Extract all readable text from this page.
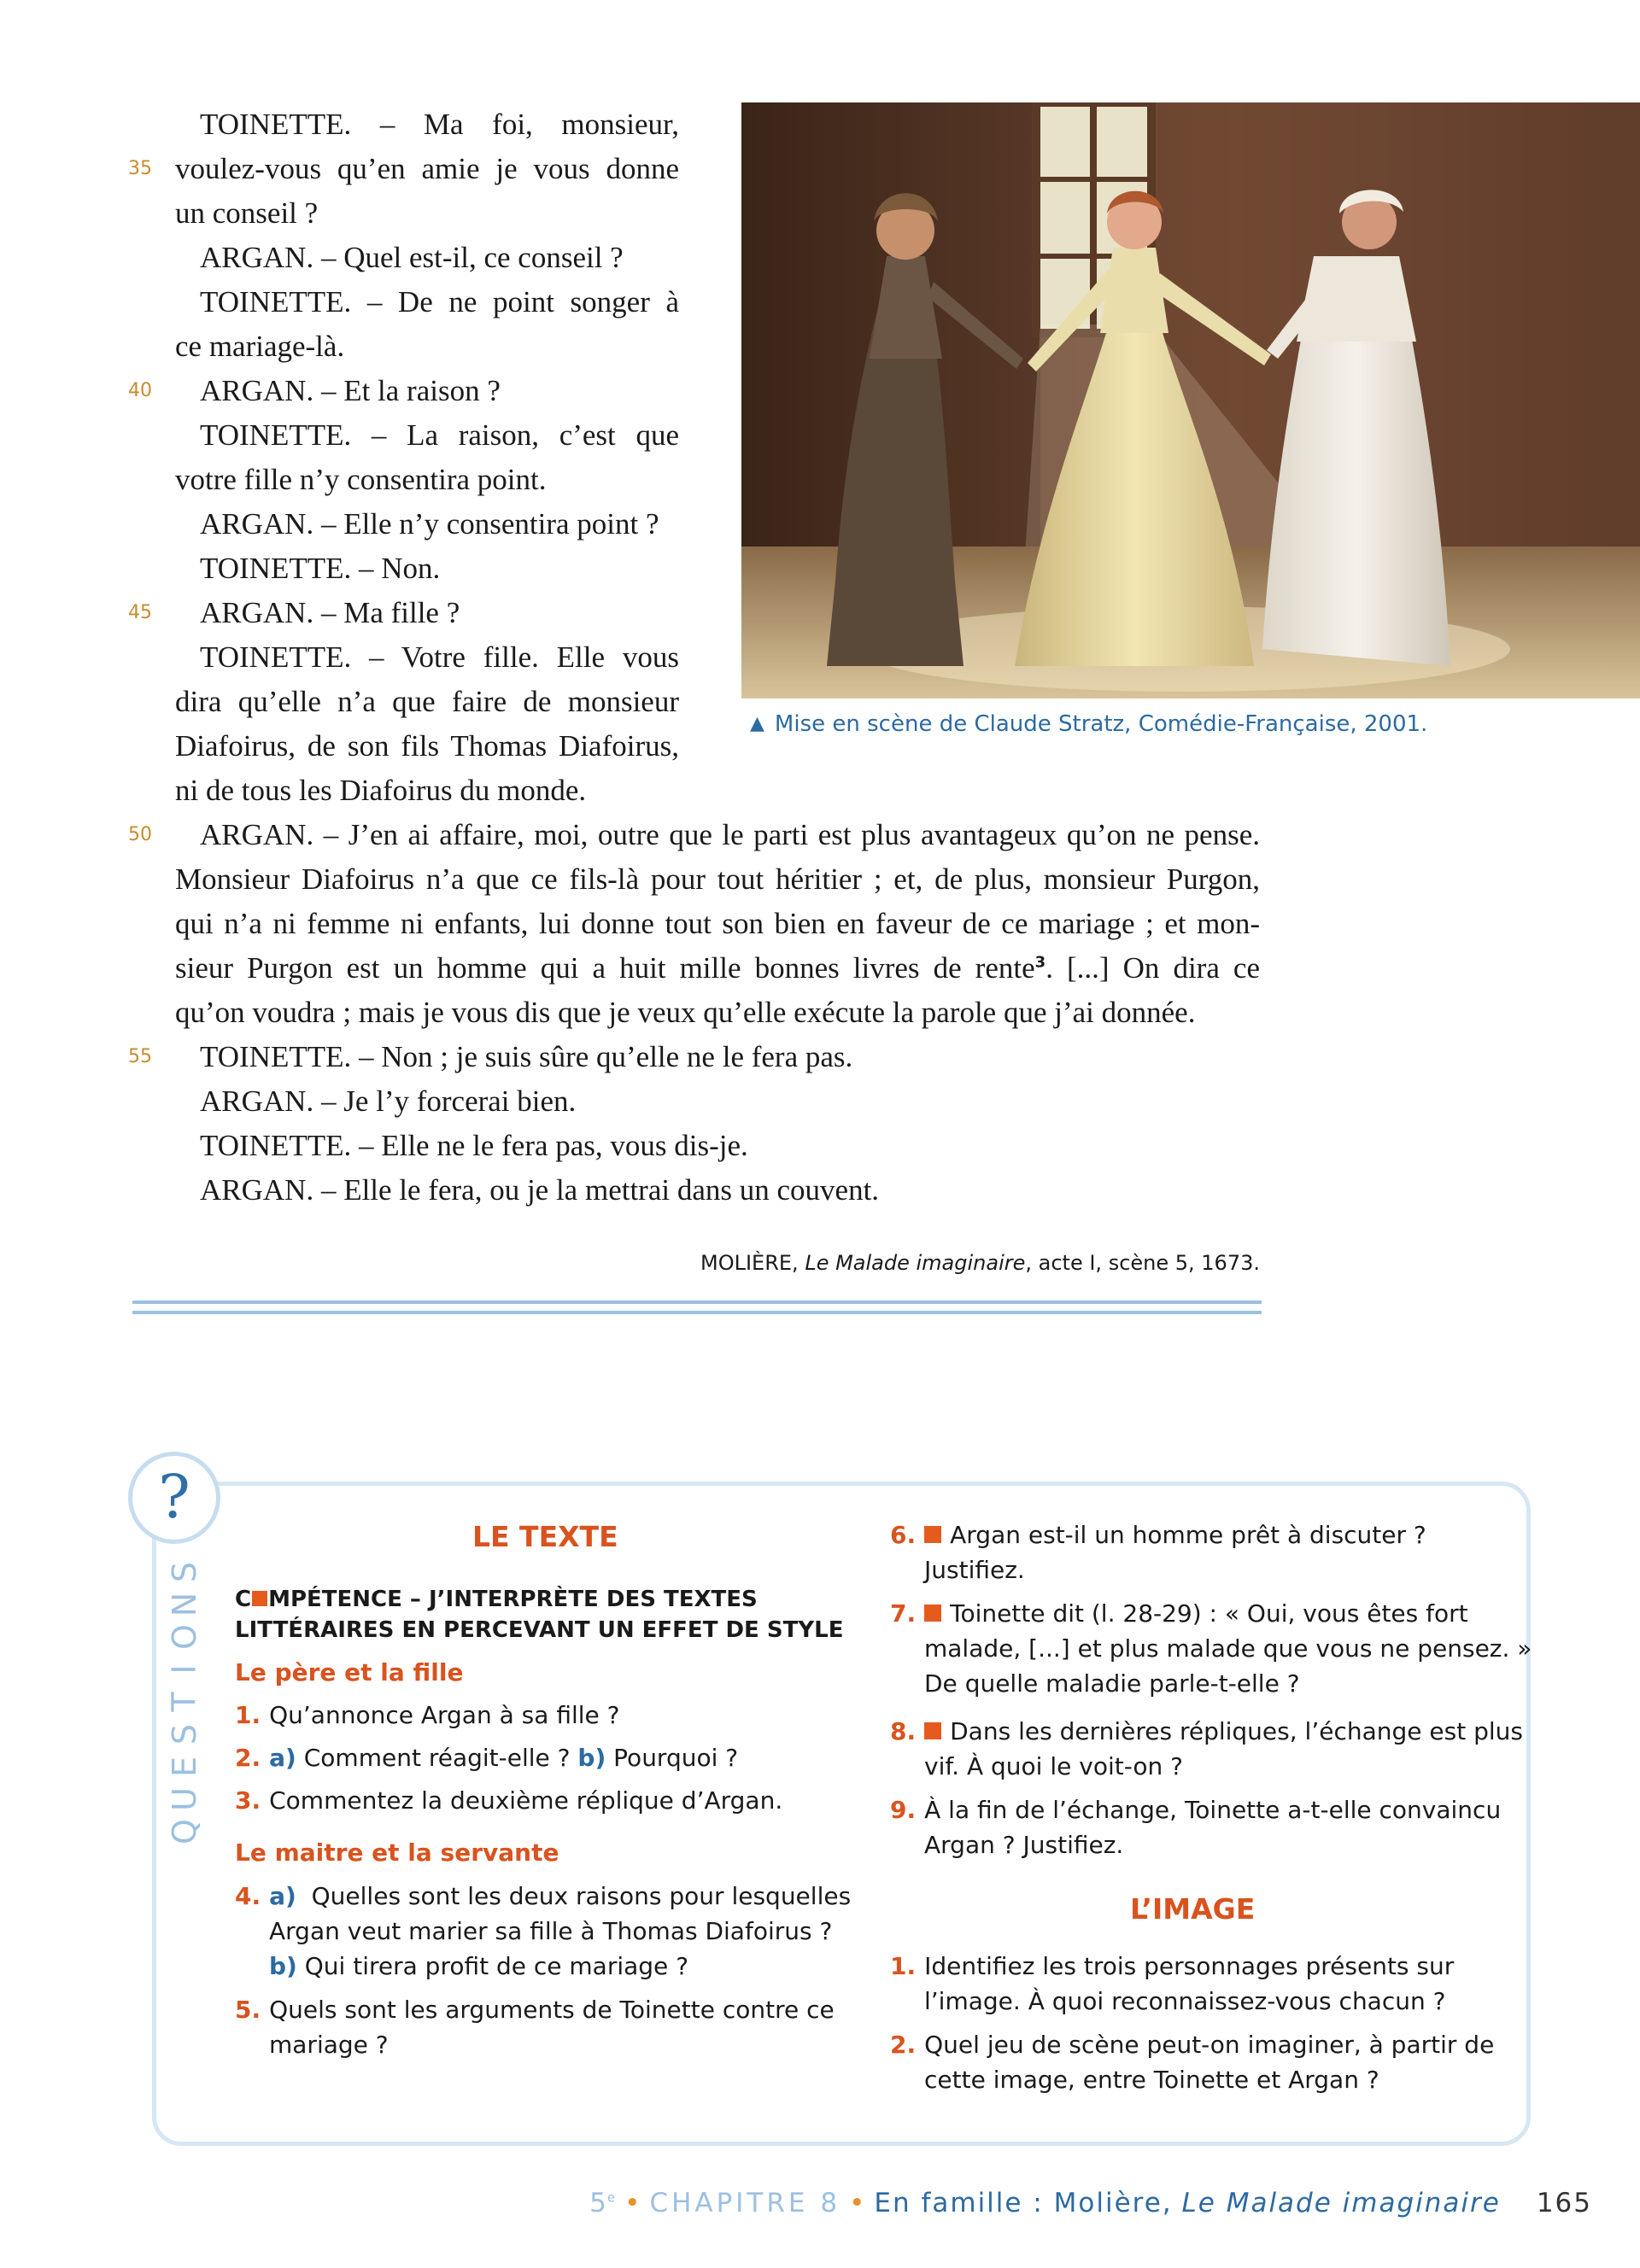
TOINETTE. – Ma foi, monsieur,
35 voulez-vous qu’en amie je vous donne
un conseil ?
ARGAN. – Quel est-il, ce conseil ?
TOINETTE. – De ne point songer à
ce mariage-là.
40	ARGAN. – Et la raison ?
TOINETTE. – La raison, c’est que
votre fille n’y consentira point.
ARGAN. – Elle n’y consentira point ?
TOINETTE. – Non.
45	ARGAN. – Ma fille ?
TOINETTE. – Votre fille. Elle vous
dira qu’elle n’a que faire de monsieur
Diafoirus, de son fils Thomas Diafoirus,
ni de tous les Diafoirus du monde.
50	ARGAN. – J’en ai affaire, moi, outre que le parti est plus avantageux qu’on ne pense.
Monsieur Diafoirus n’a que ce fils-là pour tout héritier ; et, de plus, monsieur Purgon,
qui n’a ni femme ni enfants, lui donne tout son bien en faveur de ce mariage ; et mon-
sieur Purgon est un homme qui a huit mille bonnes livres de rente$^3$. [...] On dira ce
qu’on voudra ; mais je vous dis que je veux qu’elle exécute la parole que j’ai donnée.
55	TOINETTE. – Non ; je suis sûre qu’elle ne le fera pas.
ARGAN. – Je l’y forcerai bien.
TOINETTE. – Elle ne le fera pas, vous dis-je.
ARGAN. – Elle le fera, ou je la mettrai dans un couvent.
▲ Mise en scène de Claude Stratz, Comédie-Française, 2001.
MOLIÈRE, Le Malade imaginaire, acte I, scène 5, 1673.
?
S
N
O
I
T
S
E
U
Q
LE TEXTE
C MPÉTENCE – J’INTERPRÈTE DES TEXTES
LITTÉRAIRES EN PERCEVANT UN EFFET DE STYLE
Le père et la fille
1. Qu’annonce Argan à sa fille ?
2. a) Comment réagit-elle ? b) Pourquoi ?
3. Commentez la deuxième réplique d’Argan.
Le maitre et la servante
4. a) Quelles sont les deux raisons pour lesquelles
Argan veut marier sa fille à Thomas Diafoirus ?
b) Qui tirera profit de ce mariage ?
5. Quels sont les arguments de Toinette contre ce
mariage ?
6. Argan est-il un homme prêt à discuter ?
Justifiez.
7. Toinette dit (l. 28-29) : « Oui, vous êtes fort
malade, [...] et plus malade que vous ne pensez. »
De quelle maladie parle-t-elle ?
8. Dans les dernières répliques, l’échange est plus
vif. À quoi le voit-on ?
9. À la fin de l’échange, Toinette a-t-elle convaincu
Argan ? Justifiez.
L’IMAGE
1. Identifiez les trois personnages présents sur
l’image. À quoi reconnaissez-vous chacun ?
2. Quel jeu de scène peut-on imaginer, à partir de
cette image, entre Toinette et Argan ?
5e • CHAPITRE 8 • En famille : Molière, Le Malade imaginaire 165
